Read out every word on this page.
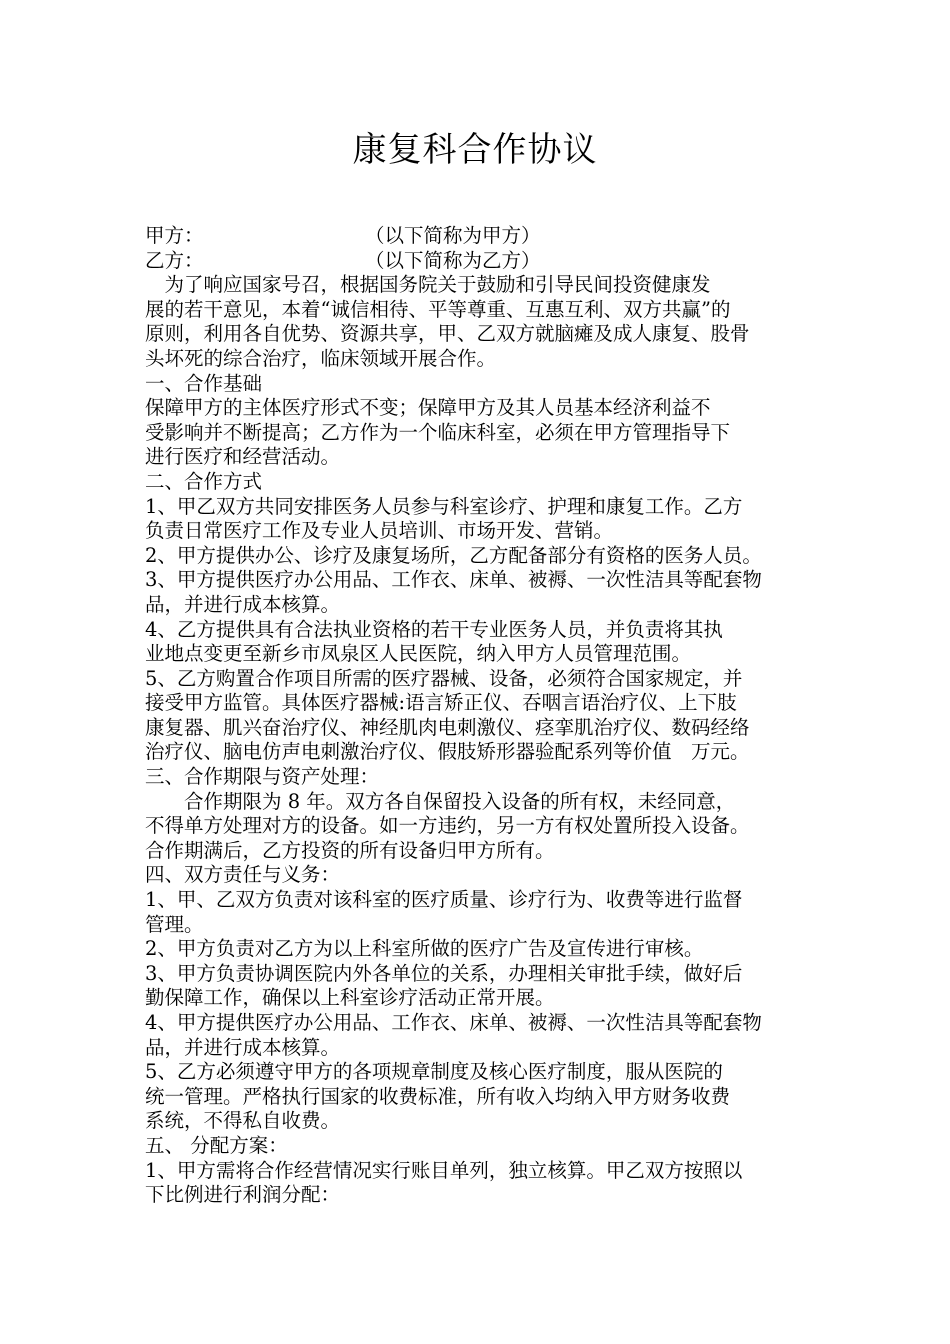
康复科合作协议
甲方：	（以下简称为甲方）
乙方：	（以下简称为乙方）
　为了响应国家号召，根据国务院关于鼓励和引导民间投资健康发
展的若干意见，本着“诚信相待、平等尊重、互惠互利、双方共赢”的
原则，利用各自优势、资源共享，甲、乙双方就脑瘫及成人康复、股骨
头坏死的综合治疗，临床领域开展合作。
一、合作基础
保障甲方的主体医疗形式不变；保障甲方及其人员基本经济利益不
受影响并不断提高；乙方作为一个临床科室，必须在甲方管理指导下
进行医疗和经营活动。
二、合作方式
1、甲乙双方共同安排医务人员参与科室诊疗、护理和康复工作。乙方
负责日常医疗工作及专业人员培训、市场开发、营销。
2、甲方提供办公、诊疗及康复场所，乙方配备部分有资格的医务人员。
3、甲方提供医疗办公用品、工作衣、床单、被褥、一次性洁具等配套物
品，并进行成本核算。
4、乙方提供具有合法执业资格的若干专业医务人员，并负责将其执
业地点变更至新乡市凤泉区人民医院，纳入甲方人员管理范围。
5、乙方购置合作项目所需的医疗器械、设备，必须符合国家规定，并
接受甲方监管。具体医疗器械:语言矫正仪、吞咽言语治疗仪、上下肢
康复器、肌兴奋治疗仪、神经肌肉电刺激仪、痉挛肌治疗仪、数码经络
治疗仪、脑电仿声电刺激治疗仪、假肢矫形器验配系列等价值　万元。
三、合作期限与资产处理：
　　合作期限为 8 年。双方各自保留投入设备的所有权，未经同意，
不得单方处理对方的设备。如一方违约，另一方有权处置所投入设备。
合作期满后，乙方投资的所有设备归甲方所有。
四、双方责任与义务：
1、甲、乙双方负责对该科室的医疗质量、诊疗行为、收费等进行监督
管理。
2、甲方负责对乙方为以上科室所做的医疗广告及宣传进行审核。
3、甲方负责协调医院内外各单位的关系，办理相关审批手续，做好后
勤保障工作，确保以上科室诊疗活动正常开展。
4、甲方提供医疗办公用品、工作衣、床单、被褥、一次性洁具等配套物
品，并进行成本核算。
5、乙方必须遵守甲方的各项规章制度及核心医疗制度，服从医院的
统一管理。严格执行国家的收费标准，所有收入均纳入甲方财务收费
系统，不得私自收费。
五、 分配方案：
1、甲方需将合作经营情况实行账目单列，独立核算。甲乙双方按照以
下比例进行利润分配：
